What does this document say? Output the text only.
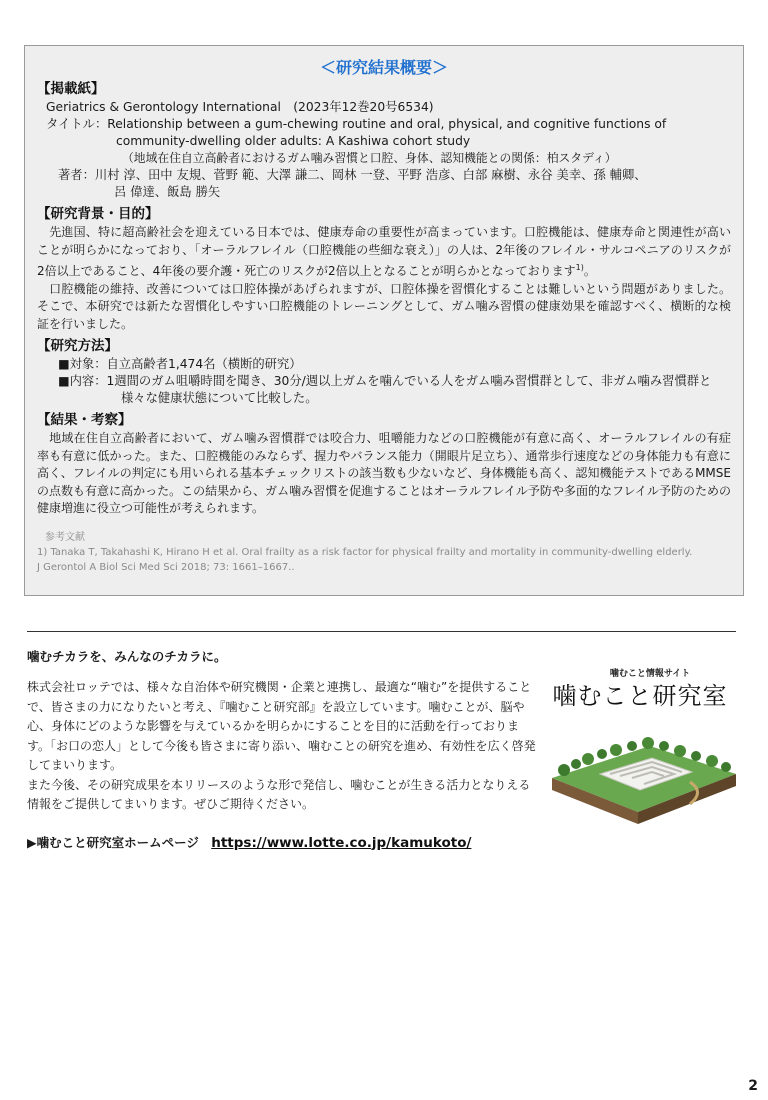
＜研究結果概要＞
【掲載紙】
Geriatrics & Gerontology International　(2023年12巻20号6534)
タイトル：Relationship between a gum-chewing routine and oral, physical, and cognitive functions of
community-dwelling older adults: A Kashiwa cohort study
（地域在住自立高齢者におけるガム噛み習慣と口腔、身体、認知機能との関係：柏スタディ）
著者：川村 淳、田中 友規、菅野 範、大澤 謙二、岡林 一登、平野 浩彦、白部 麻樹、永谷 美幸、孫 輔卿、
呂 偉達、飯島 勝矢
【研究背景・目的】

 先進国、特に超高齢社会を迎えている日本では、健康寿命の重要性が高まっています。口腔機能は、健康寿命と関連性が高いことが明らかになっており、「オーラルフレイル（口腔機能の些細な衰え）」の人は、2年後のフレイル・サルコペニアのリスクが2倍以上であること、4年後の要介護・死亡のリスクが2倍以上となることが明らかとなっております$^{1)}$。

 口腔機能の維持、改善については口腔体操があげられますが、口腔体操を習慣化することは難しいという問題がありました。そこで、本研究では新たな習慣化しやすい口腔機能のトレーニングとして、ガム噛み習慣の健康効果を確認すべく、横断的な検証を行いました。

【研究方法】
■対象：自立高齢者1,474名（横断的研究）
■内容：1週間のガム咀嚼時間を聞き、30分/週以上ガムを噛んでいる人をガム噛み習慣群として、非ガム噛み習慣群と
様々な健康状態について比較した。
【結果・考察】

 地域在住自立高齢者において、ガム噛み習慣群では咬合力、咀嚼能力などの口腔機能が有意に高く、オーラルフレイルの有症率も有意に低かった。また、口腔機能のみならず、握力やバランス能力（開眼片足立ち）、通常歩行速度などの身体能力も有意に高く、フレイルの判定にも用いられる基本チェックリストの該当数も少ないなど、身体機能も高く、認知機能テストであるMMSEの点数も有意に高かった。この結果から、ガム噛み習慣を促進することはオーラルフレイル予防や多面的なフレイル予防のための健康増進に役立つ可能性が考えられます。

参考文献
1) Tanaka T, Takahashi K, Hirano H et al. Oral frailty as a risk factor for physical frailty and mortality in community-dwelling elderly.
J Gerontol A Biol Sci Med Sci 2018; 73: 1661–1667..

噛むチカラを、みんなのチカラに。

株式会社ロッテでは、様々な自治体や研究機関・企業と連携し、最適な“噛む”を提供することで、皆さまの力になりたいと考え、『噛むこと研究部』を設立しています。噛むことが、脳や心、身体にどのような影響を与えているかを明らかにすることを目的に活動を行っております。「お口の恋人」として今後も皆さまに寄り添い、噛むことの研究を進め、有効性を広く啓発してまいります。

また今後、その研究成果を本リリースのような形で発信し、噛むことが生きる活力となりえる情報をご提供してまいります。ぜひご期待ください。

▶噛むこと研究室ホームページ https://www.lotte.co.jp/kamukoto/
噛むこと情報サイト
噛むこと研究室
2
